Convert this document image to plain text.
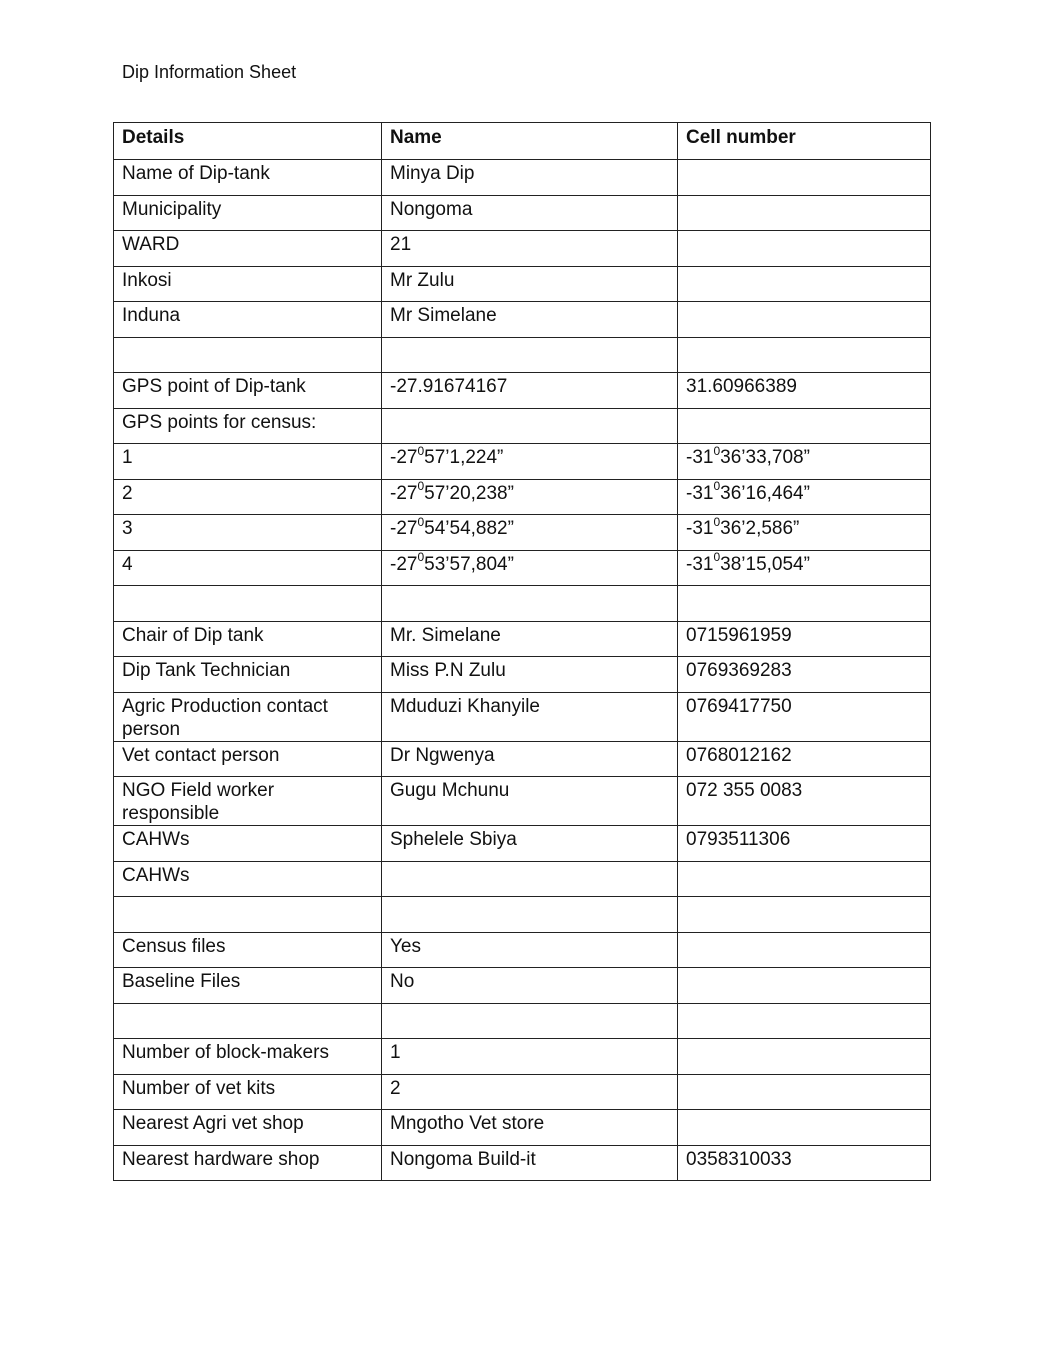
Dip Information Sheet
Details	Name	Cell number
Name of Dip-tank	Minya Dip	
Municipality	Nongoma	
WARD	21	
Inkosi	Mr Zulu	
Induna	Mr Simelane	

GPS point of Dip-tank	-27.91674167	31.60966389
GPS points for census:		
1	$-27^057’1,224$”	$-31^036’33,708$”
2	$-27^057’20,238$”	$-31^036’16,464$”
3	$-27^054’54,882$”	$-31^036’2,586$”
4	$-27^053’57,804$”	$-31^038’15,054$”

Chair of Dip tank	Mr. Simelane	0715961959
Dip Tank Technician	Miss P.N Zulu	0769369283
Agric Production contact person	Mduduzi Khanyile	0769417750
Vet contact person	Dr Ngwenya	0768012162
NGO Field worker responsible	Gugu Mchunu	072 355 0083
CAHWs	Sphelele Sbiya	0793511306
CAHWs		

Census files	Yes	
Baseline Files	No	

Number of block-makers	1	
Number of vet kits	2	
Nearest Agri vet shop	Mngotho Vet store	
Nearest hardware shop	Nongoma Build-it	0358310033
